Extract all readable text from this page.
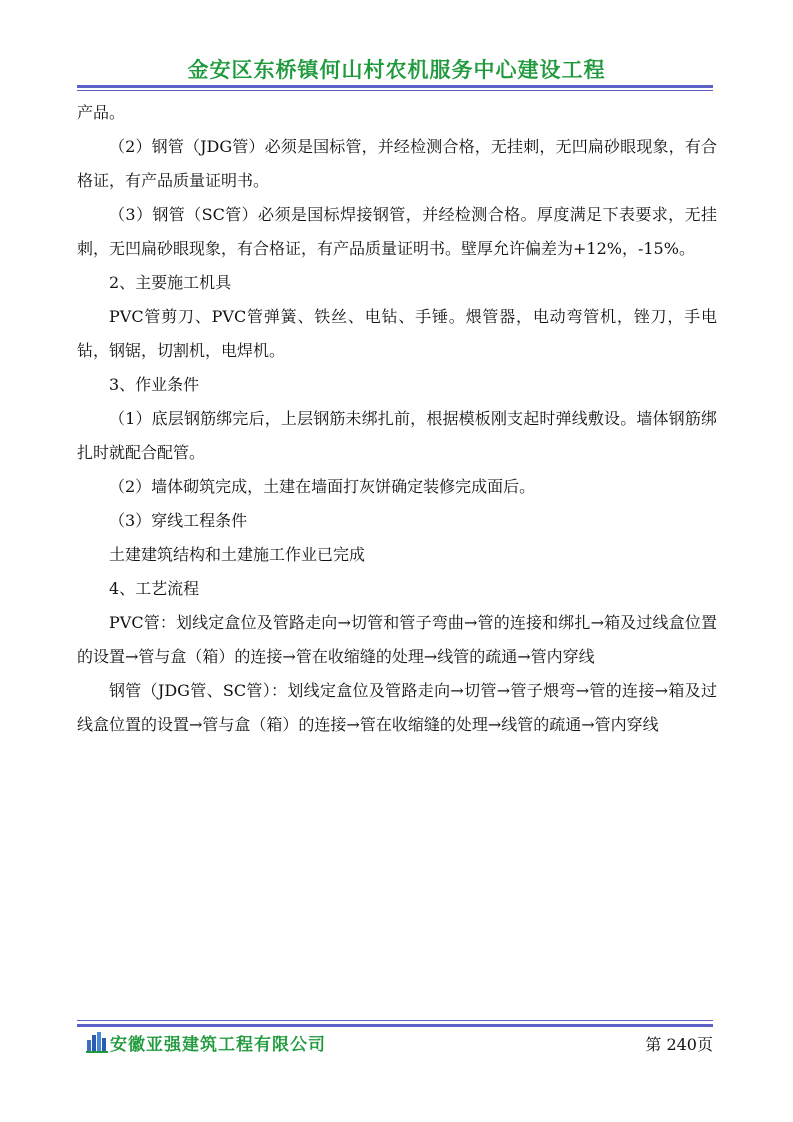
金安区东桥镇何山村农机服务中心建设工程

产品。

（2）钢管（JDG管）必须是国标管，并经检测合格，无挂刺，无凹扁砂眼现象，有合格证，有产品质量证明书。

（3）钢管（SC管）必须是国标焊接钢管，并经检测合格。厚度满足下表要求，无挂刺，无凹扁砂眼现象，有合格证，有产品质量证明书。壁厚允许偏差为+12%，-15%。

2、主要施工机具

PVC管剪刀、PVC管弹簧、铁丝、电钻、手锤。煨管器，电动弯管机，锉刀，手电钻，钢锯，切割机，电焊机。

3、作业条件

（1）底层钢筋绑完后，上层钢筋未绑扎前，根据模板刚支起时弹线敷设。墙体钢筋绑扎时就配合配管。

（2）墙体砌筑完成，土建在墙面打灰饼确定装修完成面后。

（3）穿线工程条件

土建建筑结构和土建施工作业已完成

4、工艺流程

PVC管：划线定盒位及管路走向→切管和管子弯曲→管的连接和绑扎→箱及过线盒位置的设置→管与盒（箱）的连接→管在收缩缝的处理→线管的疏通→管内穿线

钢管（JDG管、SC管）：划线定盒位及管路走向→切管→管子煨弯→管的连接→箱及过线盒位置的设置→管与盒（箱）的连接→管在收缩缝的处理→线管的疏通→管内穿线

安徽亚强建筑工程有限公司	第 240页
